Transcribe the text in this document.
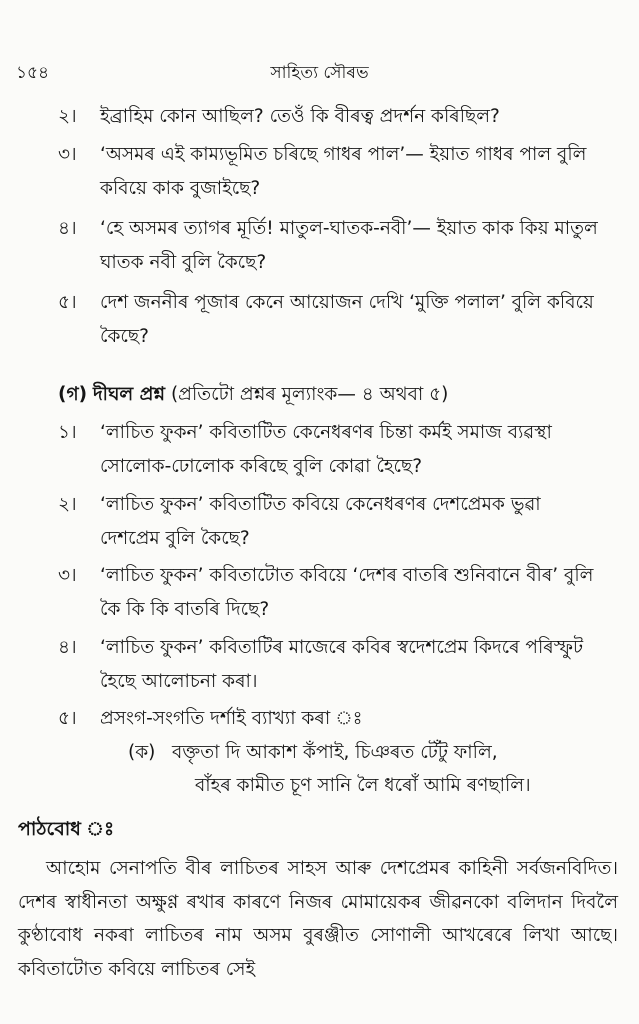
১৫৪	সাহিত্য সৌৰভ
২। ইব্ৰাহিম কোন আছিল? তেওঁ কি বীৰত্ব প্ৰদৰ্শন কৰিছিল?
৩। ‘অসমৰ এই কাম্যভূমিত চৰিছে গাধৰ পাল’— ইয়াত গাধৰ পাল বুলি কবিয়ে কাক বুজাইছে?
৪। ‘হে অসমৰ ত্যাগৰ মূৰ্তি! মাতুল-ঘাতক-নবী’— ইয়াত কাক কিয় মাতুল ঘাতক নবী বুলি কৈছে?
৫। দেশ জননীৰ পূজাৰ কেনে আয়োজন দেখি ‘মুক্তি পলাল’ বুলি কবিয়ে কৈছে?
(গ) দীঘল প্ৰশ্ন (প্ৰতিটো প্ৰশ্নৰ মূল্যাংক— ৪ অথবা ৫)
১। ‘লাচিত ফুকন’ কবিতাটিত কেনেধৰণৰ চিন্তা কৰ্মই সমাজ ব্যৱস্থা সোলোক-ঢোলোক কৰিছে বুলি কোৱা হৈছে?
২। ‘লাচিত ফুকন’ কবিতাটিত কবিয়ে কেনেধৰণৰ দেশপ্ৰেমক ভুৱা দেশপ্ৰেম বুলি কৈছে?
৩। ‘লাচিত ফুকন’ কবিতাটোত কবিয়ে ‘দেশৰ বাতৰি শুনিবানে বীৰ’ বুলি কৈ কি কি বাতৰি দিছে?
৪। ‘লাচিত ফুকন’ কবিতাটিৰ মাজেৰে কবিৰ স্বদেশপ্ৰেম কিদৰে পৰিস্ফুট হৈছে আলোচনা কৰা।
৫। প্ৰসংগ-সংগতি দৰ্শাই ব্যাখ্যা কৰা ঃ
(ক) বক্তৃতা দি আকাশ কঁপাই, চিঞৰত টেঁটু ফালি,
বাঁহৰ কামীত চূণ সানি লৈ ধৰোঁ আমি ৰণছালি।
পাঠবোধ ঃ
আহোম সেনাপতি বীৰ লাচিতৰ সাহস আৰু দেশপ্ৰেমৰ কাহিনী সৰ্বজনবিদিত। দেশৰ স্বাধীনতা অক্ষুণ্ণ ৰখাৰ কাৰণে নিজৰ মোমায়েকৰ জীৱনকো বলিদান দিবলৈ কুণ্ঠাবোধ নকৰা লাচিতৰ নাম অসম বুৰঞ্জীত সোণালী আখৰেৰে লিখা আছে। কবিতাটোত কবিয়ে লাচিতৰ সেই
